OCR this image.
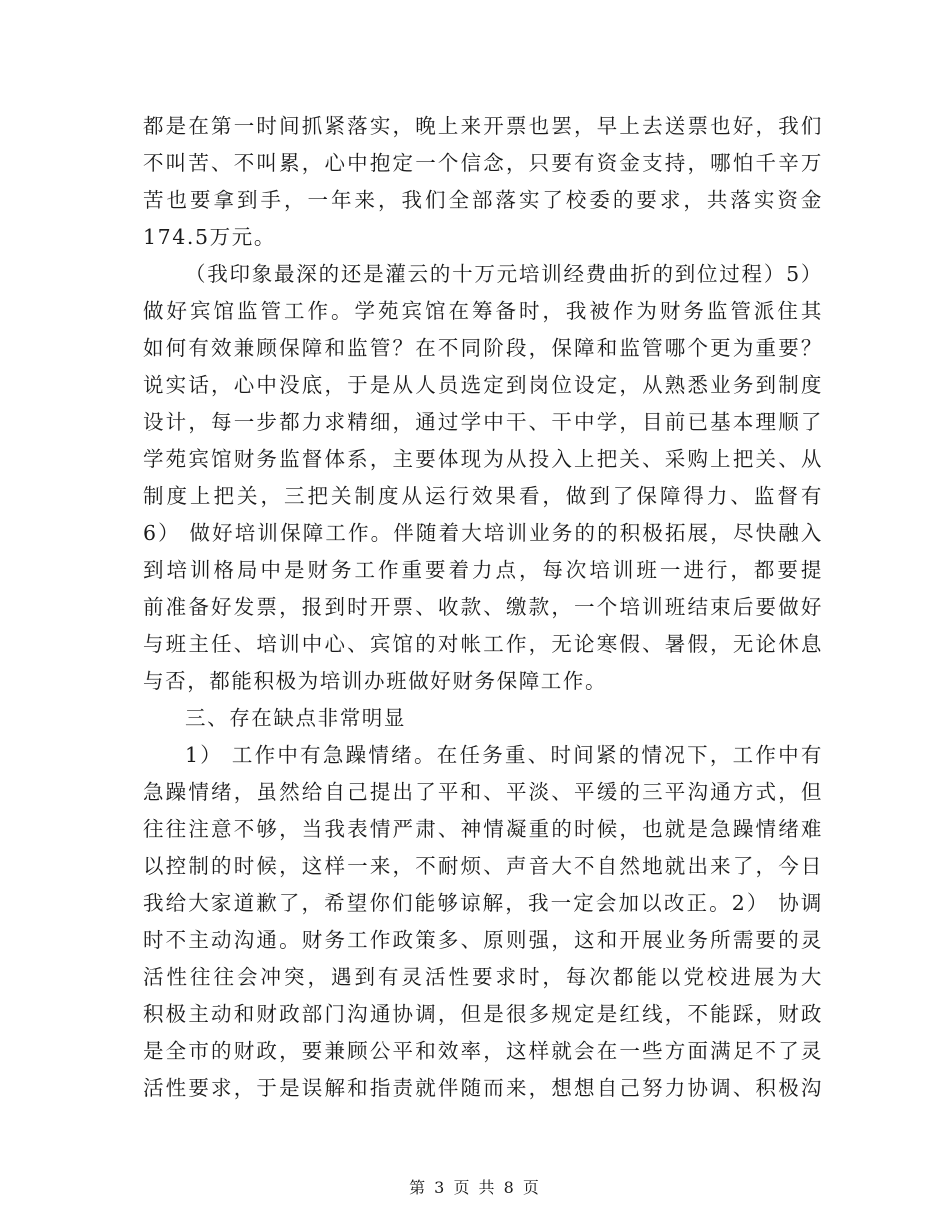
都是在第一时间抓紧落实，晚上来开票也罢，早上去送票也好，我们
不叫苦、不叫累，心中抱定一个信念，只要有资金支持，哪怕千辛万
苦也要拿到手，一年来，我们全部落实了校委的要求，共落实资金
174.5万元。
（我印象最深的还是灌云的十万元培训经费曲折的到位过程）5）
做好宾馆监管工作。学苑宾馆在筹备时，我被作为财务监管派住其
如何有效兼顾保障和监管？在不同阶段，保障和监管哪个更为重要？
说实话，心中没底，于是从人员选定到岗位设定，从熟悉业务到制度
设计，每一步都力求精细，通过学中干、干中学，目前已基本理顺了
学苑宾馆财务监督体系，主要体现为从投入上把关、采购上把关、从
制度上把关，三把关制度从运行效果看，做到了保障得力、监督有
6） 做好培训保障工作。伴随着大培训业务的的积极拓展，尽快融入
到培训格局中是财务工作重要着力点，每次培训班一进行，都要提
前准备好发票，报到时开票、收款、缴款，一个培训班结束后要做好
与班主任、培训中心、宾馆的对帐工作，无论寒假、暑假，无论休息
与否，都能积极为培训办班做好财务保障工作。
三、存在缺点非常明显
1） 工作中有急躁情绪。在任务重、时间紧的情况下，工作中有
急躁情绪，虽然给自己提出了平和、平淡、平缓的三平沟通方式，但
往往注意不够，当我表情严肃、神情凝重的时候，也就是急躁情绪难
以控制的时候，这样一来，不耐烦、声音大不自然地就出来了，今日
我给大家道歉了，希望你们能够谅解，我一定会加以改正。2） 协调
时不主动沟通。财务工作政策多、原则强，这和开展业务所需要的灵
活性往往会冲突，遇到有灵活性要求时，每次都能以党校进展为大
积极主动和财政部门沟通协调，但是很多规定是红线，不能踩，财政
是全市的财政，要兼顾公平和效率，这样就会在一些方面满足不了灵
活性要求，于是误解和指责就伴随而来，想想自己努力协调、积极沟
第 3 页 共 8 页
